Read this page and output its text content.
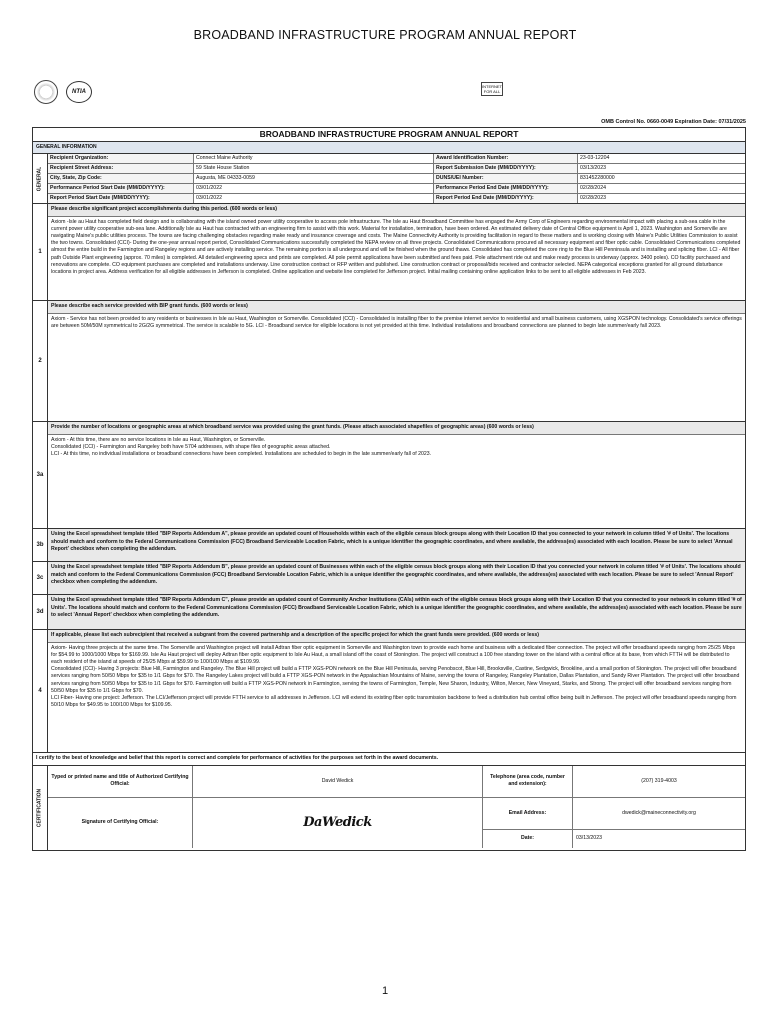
BROADBAND INFRASTRUCTURE PROGRAM ANNUAL REPORT
NTIA
INTERNET FOR ALL
OMB Control No. 0660-0049 Expiration Date: 07/31/2025
BROADBAND INFRASTRUCTURE PROGRAM ANNUAL REPORT
GENERAL INFORMATION
GENERAL
Recipient Organization:	Connect Maine Authority	Award Identification Number:	23-03-12204
Recipient Street Address:	59 State House Station	Report Submission Date (MM/DD/YYYY):	03/13/2023
City, State, Zip Code:	Augusta, ME 04333-0059	DUNS/UEI Number:	831452280000
Performance Period Start Date (MM/DD/YYYY):	03/01/2022	Performance Period End Date (MM/DD/YYYY):	02/28/2024
Report Period Start Date (MM/DD/YYYY):	03/01/2022	Report Period End Date (MM/DD/YYYY):	02/28/2023
1
Please describe significant project accomplishments during this period. (600 words or less)
Axiom -Isle au Haut has completed field design and is collaborating with the island owned power utility cooperative to access pole infrastructure. The Isle au Haut Broadband Committee has engaged the Army Corp of Engineers regarding environmental impact with placing a sub-sea cable in the current power utility cooperative sub-sea lane. Additionally Isle au Haut has contracted with an engineering firm to assist with this work. Material for installation, termination, have been ordered. An estimated delivery date of Central Office equipment is April 1, 2023. Washington and Somerville are navigating Maine's public utilities process. The towns are facing challenging obstacles regarding make ready and insurance coverage and costs. The Maine Connectivity Authority is providing facilitation in regard to these matters and is working closing with Maine's Public Utilities Commission to assist the two towns. Consolidated (CCI)- During the one-year annual report period, Consolidated Communications successfully completed the NEPA review on all three projects. Consolidated Communications procured all necessary equipment and fiber optic cable. Consolidated Communications completed almost the entire build in the Farmington and Rangeley regions and are actively installing service. The remaining portion is all underground and will be finished when the ground thaws. Consolidated has completed the core ring to the Blue Hill Penninsula and is installing and splicing fiber. LCI - All fiber path Outside Plant engineering (approx. 70 miles) is completed. All detailed engineering specs and prints are completed. All pole permit applications have been submitted and fees paid. Pole attachment ride out and make ready process is underway (approx. 3400 poles). CO facility purchased and renovations are complete. CO equipment purchases are completed and installations underway. Line construction contract or RFP written and published. Line construction contract or proposal/bids received and contractor selected. NEPA categorical exceptions granted for all ground disturbance locations in project area. Address verification for all eligible addresses in Jefferson is completed. Online application and website line completed for Jefferson project. Initial mailing containing online application links to be sent to all eligible addresses in Feb 2023.
2
Please describe each service provided with BIP grant funds. (600 words or less)
Axiom - Service has not been provided to any residents or businesses in Isle au Haut, Washington or Somerville. Consolidated (CCI) - Consolidated is installing fiber to the premise internet service to residential and small business customers, using XGSPON technology. Consolidated's service offerings are between 50M/50M symmetrical to 2G/2G symmetrical. The service is scalable to 5G. LCI - Broadband service for eligible locations is not yet provided at this time. Individual installations and broadband connections are planned to begin late summer/early fall 2023.
3a
Provide the number of locations or geographic areas at which broadband service was provided using the grant funds. (Please attach associated shapefiles of geographic areas) (600 words or less)
Axiom - At this time, there are no service locations in Isle au Haut, Washington, or Somerville.
Consolidated (CCI) - Farmington and Rangeley both have 5704 addresses, with shape files of geographic areas attached.
LCI - At this time, no individual installations or broadband connections have been completed. Installations are scheduled to begin in the late summer/early fall of 2023.
3b
Using the Excel spreadsheet template titled "BIP Reports Addendum A", please provide an updated count of Households within each of the eligible census block groups along with their Location ID that you connected to your network in column titled '# of Units'. The locations should match and conform to the Federal Communications Commission (FCC) Broadband Serviceable Location Fabric, which is a unique identifier the geographic coordinates, and where available, the address(es) associated with each location. Please be sure to select 'Annual Report' checkbox when completing the addendum.
3c
Using the Excel spreadsheet template titled "BIP Reports Addendum B", please provide an updated count of Businesses within each of the eligible census block groups along with their Location ID that you connected your network in column titled '# of Units'. The locations should match and conform to the Federal Communications Commission (FCC) Broadband Serviceable Location Fabric, which is a unique identifier the geographic coordinates, and where available, the address(es) associated with each location. Please be sure to select 'Annual Report' checkbox when completing the addendum.
3d
Using the Excel spreadsheet template titled "BIP Reports Addendum C", please provide an updated count of Community Anchor Institutions (CAIs) within each of the eligible census block groups along with their Location ID that you connected to your network in column titled '# of Units'. The locations should match and conform to the Federal Communications Commission (FCC) Broadband Serviceable Location Fabric, which is a unique identifier the geographic coordinates, and where available, the address(es) associated with each location. Please be sure to select 'Annual Report' checkbox when completing the addendum.
4
If applicable, please list each subrecipient that received a subgrant from the covered partnership and a description of the specific project for which the grant funds were provided. (600 words or less)
Axiom- Having three projects at the same time. The Somerville and Washington project will install Adtran fiber optic equipment in Somerville and Washington town to provide each home and business with a dedicated fiber connection. The project will offer broadband speeds ranging from 25/25 Mbps for $54.99 to 1000/1000 Mbps for $169.99. Isle Au Haut project will deploy Adtran fiber optic equipment to Isle Au Haut, a small island off the coast of Stonington. The project will construct a 100 free standing tower on the island with a central office at its base, from which FTTH will be distributed to each resident of the island at speeds of 25/25 Mbps at $59.99 to 100/100 Mbps at $109.99.
Consolidated (CCI)- Having 3 projects: Blue Hill, Farmington and Rangeley. The Blue Hill project will build a FTTP XGS-PON network on the Blue Hill Peninsula, serving Penobscot, Blue Hill, Brooksville, Castine, Sedgwick, Brookline, and a small portion of Stonington. The project will offer broadband services ranging from 50/50 Mbps for $35 to 1/1 Gbps for $70. The Rangeley Lakes project will build a FTTP XGS-PON network in the Appalachian Mountains of Maine, serving the towns of Rangeley, Rangeley Plantation, Dallas Plantation, and Sandy River Plantation. The project will offer broadband services ranging from 50/50 Mbps for $35 to 1/1 Gbps for $70. Farmington will build a FTTP XGS-PON network in Farmington, serving the towns of Farmington, Temple, New Sharon, Industry, Wilton, Mercer, New Vineyard, Starks, and Strong. The project will offer broadband services ranging from 50/50 Mbps for $35 to 1/1 Gbps for $70.
LCI Fiber- Having one project: Jefferson. The LCI/Jefferson project will provide FTTH service to all addresses in Jefferson. LCI will extend its existing fiber optic transmission backbone to feed a distribution hub central office being built in Jefferson. The project will offer broadband speeds ranging from 50/10 Mbps for $49.95 to 100/100 Mbps for $109.95.
I certify to the best of knowledge and belief that this report is correct and complete for performance of activities for the purposes set forth in the award documents.
CERTIFICATION
Typed or printed name and title of Authorized Certifying Official:
David Wedick
Telephone (area code, number and extension):
(207) 319-4003
Signature of Certifying Official:	DaWedick
Email Address:	dwedick@maineconnectivity.org
Date:	03/13/2023
1
